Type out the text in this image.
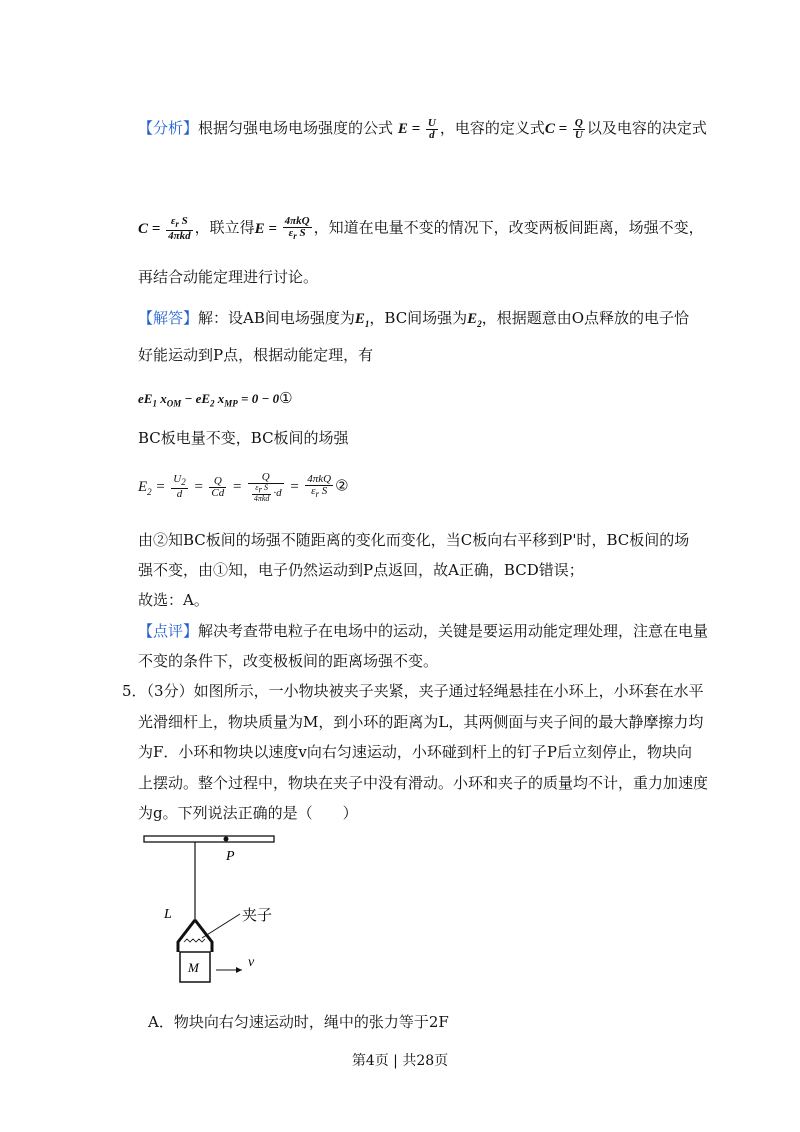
【分析】根据匀强电场电场强度的公式 $E = \frac{U}{d}$ ，电容的定义式$C = \frac{Q}{U}$ 以及电容的决定式
$C = \frac{\varepsilon_r S}{\text{4πkd}}$ ，联立得$E = \frac{\text{4πkQ}}{\varepsilon_r S}$ ，知道在电量不变的情况下，改变两板间距离，场强不变，
再结合动能定理进行讨论。
【解答】解：设AB间电场强度为$E_1$，BC间场强为$E_2$，根据题意由O点释放的电子恰
好能运动到P点，根据动能定理，有
$eE_1$ $x_{OM} - eE_2$ $x_{MP} = 0$ − 0①
BC板电量不变，BC板间的场强
$E_2 = \frac{U_2}{d} = \frac{Q}{Cd} = \frac{Q}{\frac{\varepsilon_r S}{\text{4πkd}} \cdot d} = \frac{\text{4πkQ}}{\varepsilon_r S}$ ②
由②知BC板间的场强不随距离的变化而变化，当C板向右平移到P'时，BC板间的场
强不变，由①知，电子仍然运动到P点返回，故A正确，BCD错误；
故选：A。
【点评】解决考查带电粒子在电场中的运动，关键是要运用动能定理处理，注意在电量
不变的条件下，改变极板间的距离场强不变。
5．（3分）如图所示，一小物块被夹子夹紧，夹子通过轻绳悬挂在小环上，小环套在水平
光滑细杆上，物块质量为M，到小环的距离为L，其两侧面与夹子间的最大静摩擦力均
为F．小环和物块以速度v向右匀速运动，小环碰到杆上的钉子P后立刻停止，物块向
上摆动。整个过程中，物块在夹子中没有滑动。小环和夹子的质量均不计，重力加速度
为g。下列说法正确的是（　　）
P
L	夹子
M	v
A．物块向右匀速运动时，绳中的张力等于2F
第4页 | 共28页
